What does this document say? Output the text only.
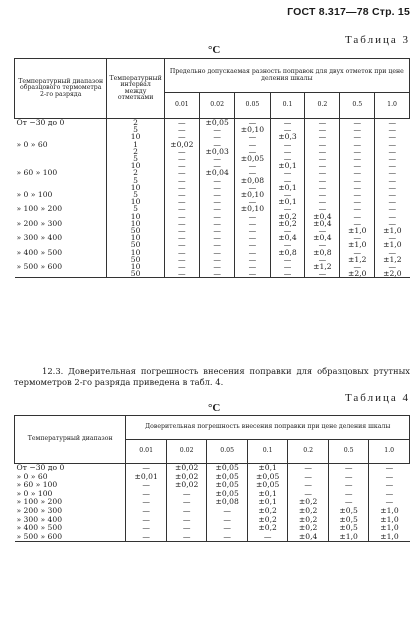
ГОСТ 8.317—78 Стр. 15
°C
Таблица 3
Температурный диапазон образцового термометра 2-го разряда	Температурный интервал между отметками	Предельно допускаемая разность поправок для двух отметок при цене деления шкалы						
		0.01	0.02	0.05	0.1	0.2	0.5	1.0
От −30 до 0	2	—	±0,05	—	—	—	—	—
	5	—	—	±0,10	—	—	—	—
	10	—	—	—	±0,3	—	—	—
» 0 » 60	1	±0,02	—	—	—	—	—	—
	2	—	±0,03	—	—	—	—	—
	5	—	—	±0,05	—	—	—	—
	10	—	—	—	±0,1	—	—	—
» 60 » 100	2	—	±0,04	—	—	—	—	—
	5	—	—	±0,08	—	—	—	—
	10	—	—	—	±0,1	—	—	—
» 0 » 100	5	—	—	±0,10	—	—	—	—
	10	—	—	—	±0,1	—	—	—
» 100 » 200	5	—	—	±0,10	—	—	—	—
	10	—	—	—	±0,2	±0,4	—	—
» 200 » 300	10	—	—	—	±0,2	±0,4	—	—
	50	—	—	—	—	—	±1,0	±1,0
» 300 » 400	10	—	—	—	±0,4	±0,4	—	—
	50	—	—	—	—	—	±1,0	±1,0
» 400 » 500	10	—	—	—	±0,8	±0,8	—	—
	50	—	—	—	—	—	±1,2	±1,2
» 500 » 600	10	—	—	—	—	±1,2	—	—
	50	—	—	—	—	—	±2,0	±2,0
12.3. Доверительная погрешность внесения поправки для образцовых ртутных термометров 2-го разряда приведена в табл. 4.
°C
Таблица 4
Температурный диапазон	Доверительная погрешность внесения поправки при цене деления шкалы						
	0.01	0.02	0.05	0.1	0.2	0.5	1.0
От −30 до 0	—	±0,02	±0,05	±0,1	—	—	—
» 0 » 60	±0,01	±0,02	±0,05	±0,05	—	—	—
» 60 » 100	—	±0,02	±0,05	±0,05	—	—	—
» 0 » 100	—	—	±0,05	±0,1	—	—	—
» 100 » 200	—	—	±0,08	±0,1	±0,2	—	—
» 200 » 300	—	—	—	±0,2	±0,2	±0,5	±1,0
» 300 » 400	—	—	—	±0,2	±0,2	±0,5	±1,0
» 400 » 500	—	—	—	±0,2	±0,2	±0,5	±1,0
» 500 » 600	—	—	—	—	±0,4	±1,0	±1,0
